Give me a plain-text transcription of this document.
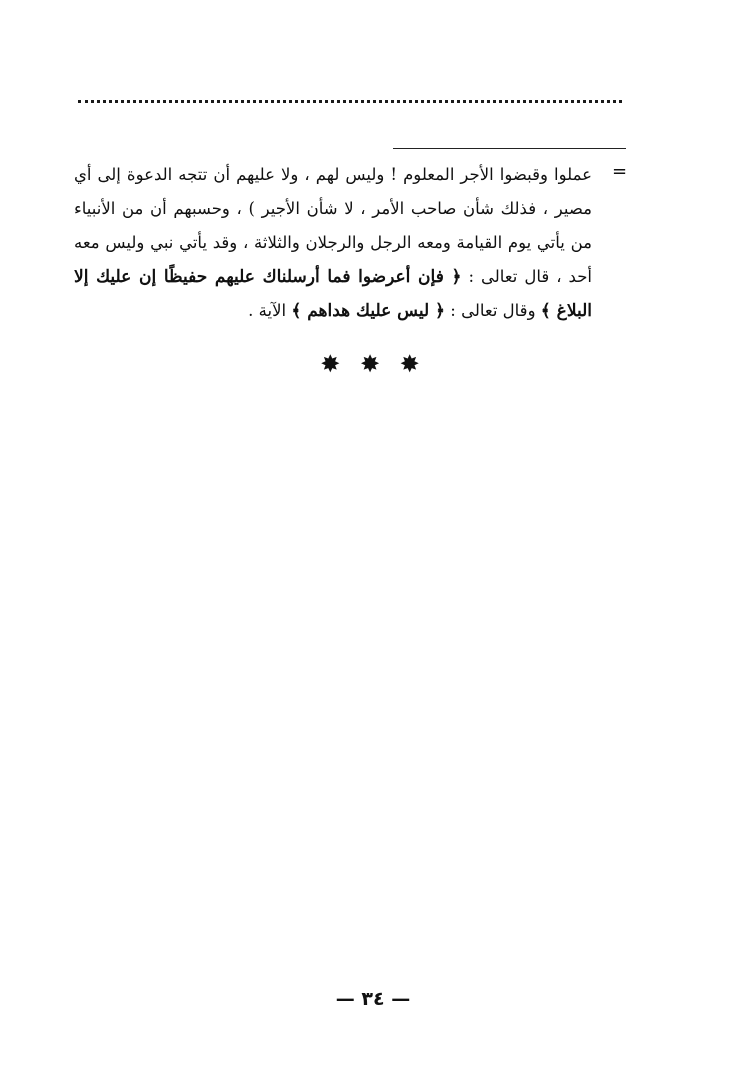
=
عملوا وقبضوا الأجر المعلوم ! وليس لهم ، ولا عليهم أن تتجه الدعوة إلى أي
مصير ، فذلك شأن صاحب الأمر ، لا شأن الأجير ) ، وحسبهم أن من الأنبياء
من يأتي يوم القيامة ومعه الرجل والرجلان والثلاثة ، وقد يأتي نبي وليس معه
أحد ، قال تعالى : ﴿ فإن أعرضوا فما أرسلناك عليهم حفيظًا إن عليك إلا
البلاغ ﴾ وقال تعالى : ﴿ ليس عليك هداهم ﴾ الآية .
✸ ✸ ✸
— ٣٤ —
